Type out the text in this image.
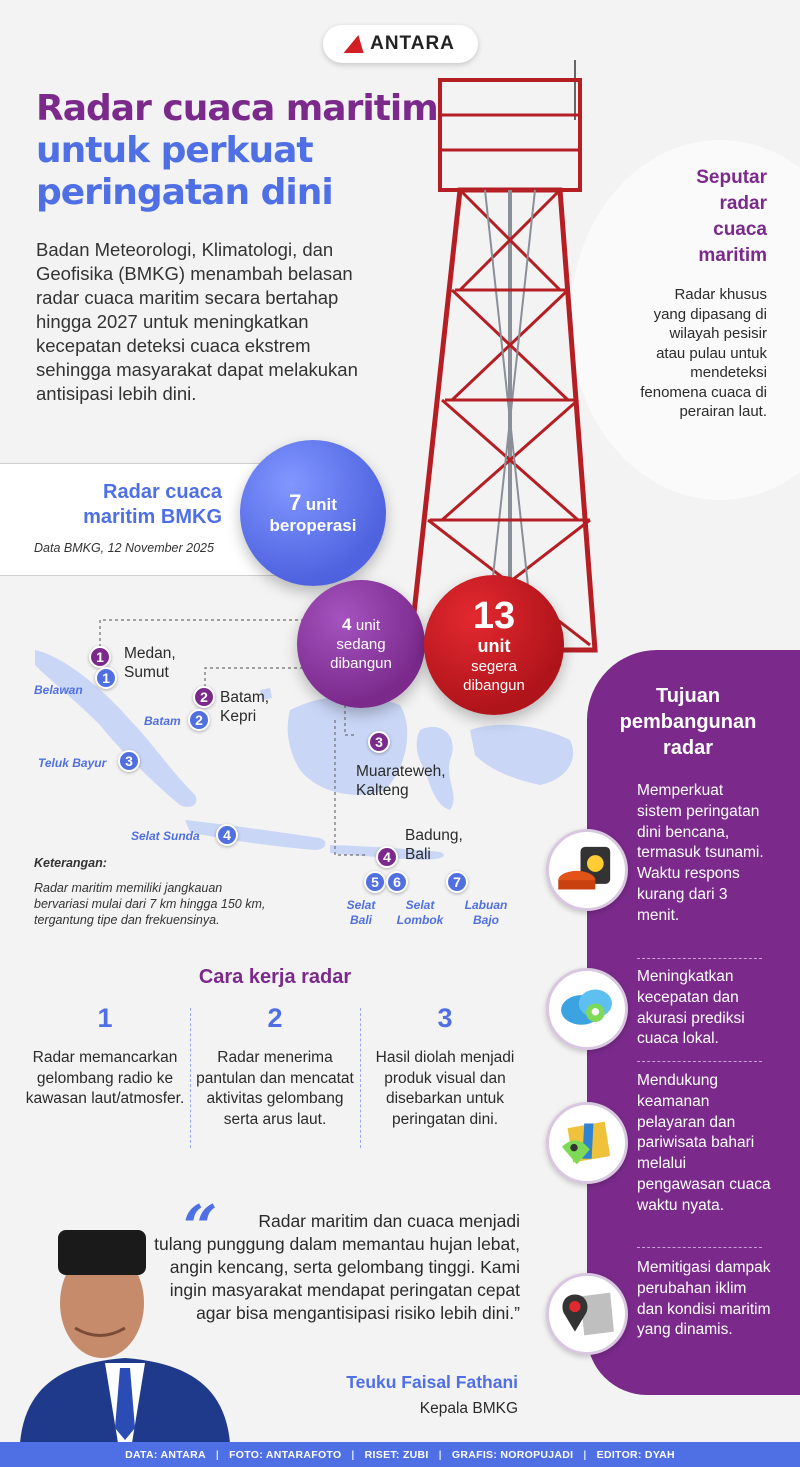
ANTARA
Radar cuaca maritim
untuk perkuat
peringatan dini

Badan Meteorologi, Klimatologi, dan Geofisika (BMKG) menambah belasan radar cuaca maritim secara bertahap hingga 2027 untuk meningkatkan kecepatan deteksi cuaca ekstrem sehingga masyarakat dapat melakukan antisipasi lebih dini.

Seputar
radar
cuaca
maritim

Radar khusus yang dipasang di wilayah pesisir atau pulau untuk mendeteksi fenomena cuaca di perairan laut.

Radar cuaca
maritim BMKG
Data BMKG, 12 November 2025
7 unit
beroperasi
1	Medan,
Sumut
2 Batam,
Kepri
3
Muarateweh,
Kalteng
4
Badung,
Bali
1
Belawan
2
Batam
3
Teluk Bayur
4
Selat Sunda
5
Selat
Bali
6
Selat
Lombok
7
Labuan
Bajo
Keterangan:

Radar maritim memiliki jangkauan bervariasi mulai dari 7 km hingga 150 km, tergantung tipe dan frekuensinya.

4 unit
sedang
dibangun
13
unit
segera
dibangun
Cara kerja radar
1
Radar memancarkan gelombang radio ke kawasan laut/atmosfer.
2
Radar menerima pantulan dan mencatat aktivitas gelombang serta arus laut.
3
Hasil diolah menjadi produk visual dan disebarkan untuk peringatan dini.
“	Radar maritim dan cuaca menjadi tulang punggung dalam memantau hujan lebat, angin kencang, serta gelombang tinggi. Kami ingin masyarakat mendapat peringatan cepat agar bisa mengantisipasi risiko lebih dini.”

Teuku Faisal Fathani
Kepala BMKG
Tujuan pembangunan radar

Memperkuat sistem peringatan dini bencana, termasuk tsunami. Waktu respons kurang dari 3 menit.

Meningkatkan kecepatan dan akurasi prediksi cuaca lokal.

Mendukung keamanan pelayaran dan pariwisata bahari melalui pengawasan cuaca waktu nyata.

Memitigasi dampak perubahan iklim dan kondisi maritim yang dinamis.

DATA: ANTARA | FOTO: ANTARAFOTO | RISET: ZUBI | GRAFIS: NOROPUJADI | EDITOR: DYAH
